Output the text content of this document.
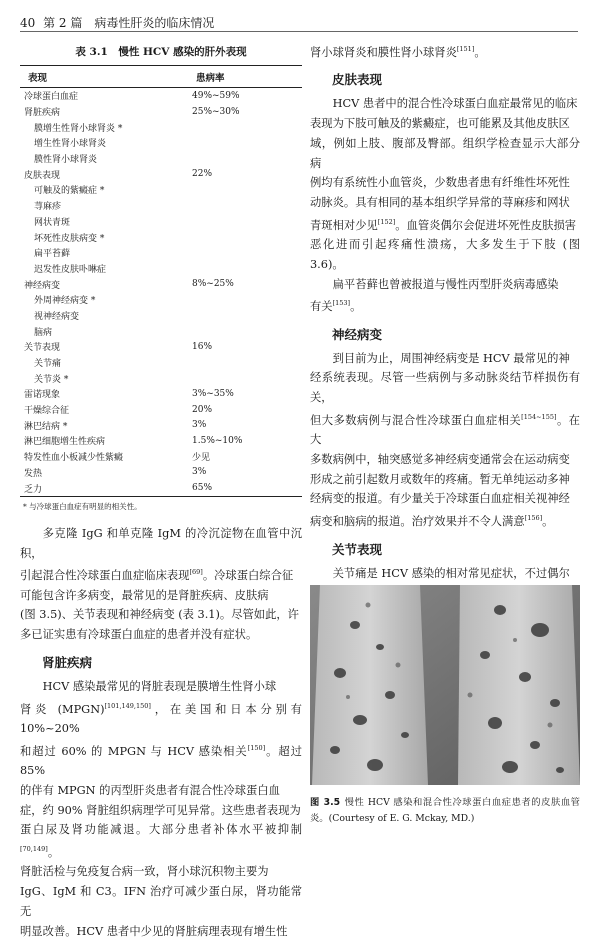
40 第 2 篇　病毒性肝炎的临床情况
表 3.1　慢性 HCV 感染的肝外表现
表现	患病率
冷球蛋白血症	49%~59%
肾脏疾病	25%~30%
膜增生性肾小球肾炎 *
增生性肾小球肾炎
膜性肾小球肾炎
皮肤表现	22%
可触及的紫癜症 *
荨麻疹
网状青斑
坏死性皮肤病变 *
扁平苔藓
迟发性皮肤卟啉症
神经病变	8%~25%
外周神经病变 *
视神经病变
脑病
关节表现	16%
关节痛
关节炎 *
雷诺现象	3%~35%
干燥综合征	20%
淋巴结病 *	3%
淋巴细胞增生性疾病	1.5%~10%
特发性血小板减少性紫癜	少见
发热	3%
乏力	65%
* 与冷球蛋白血症有明显的相关性。
多克隆 IgG 和单克隆 IgM 的冷沉淀物在血管中沉积，
引起混合性冷球蛋白血症临床表现[69]。冷球蛋白综合征
可能包含许多病变，最常见的是肾脏疾病、皮肤病
(图 3.5)、关节表现和神经病变 (表 3.1)。尽管如此，许
多已证实患有冷球蛋白血症的患者并没有症状。
肾脏疾病
HCV 感染最常见的肾脏表现是膜增生性肾小球
肾炎 (MPGN)[101,149,150]，在美国和日本分别有 10%~20%
和超过 60% 的 MPGN 与 HCV 感染相关[150]。超过 85%
的伴有 MPGN 的丙型肝炎患者有混合性冷球蛋白血
症，约 90% 肾脏组织病理学可见异常。这些患者表现为
蛋白尿及肾功能减退。大部分患者补体水平被抑制[70,149]。
肾脏活检与免疫复合病一致，肾小球沉积物主要为
IgG、IgM 和 C3。IFN 治疗可减少蛋白尿，肾功能常无
明显改善。HCV 患者中少见的肾脏病理表现有增生性
肾小球肾炎和膜性肾小球肾炎[151]。
皮肤表现
HCV 患者中的混合性冷球蛋白血症最常见的临床
表现为下肢可触及的紫癜症，也可能累及其他皮肤区
域，例如上肢、腹部及臀部。组织学检查显示大部分病
例均有系统性小血管炎，少数患者患有纤维性坏死性
动脉炎。具有相同的基本组织学异常的荨麻疹和网状
青斑相对少见[152]。血管炎偶尔会促进坏死性皮肤损害
恶化进而引起疼痛性溃疡，大多发生于下肢 (图 3.6)。
扁平苔藓也曾被报道与慢性丙型肝炎病毒感染
有关[153]。
神经病变
到目前为止，周围神经病变是 HCV 最常见的神
经系统表现。尽管一些病例与多动脉炎结节样损伤有关，
但大多数病例与混合性冷球蛋白血症相关[154~155]。在大
多数病例中，轴突感觉多神经病变通常会在运动病变
形成之前引起数月或数年的疼痛。暂无单纯运动多神
经病变的报道。有少量关于冷球蛋白血症相关视神经
病变和脑病的报道。治疗效果并不令人满意[156]。
关节表现
关节痛是 HCV 感染的相对常见症状，不过偶尔
图 3.5 慢性 HCV 感染和混合性冷球蛋白血症患者的皮肤血管炎。(Courtesy of E. G. Mckay, MD.)
